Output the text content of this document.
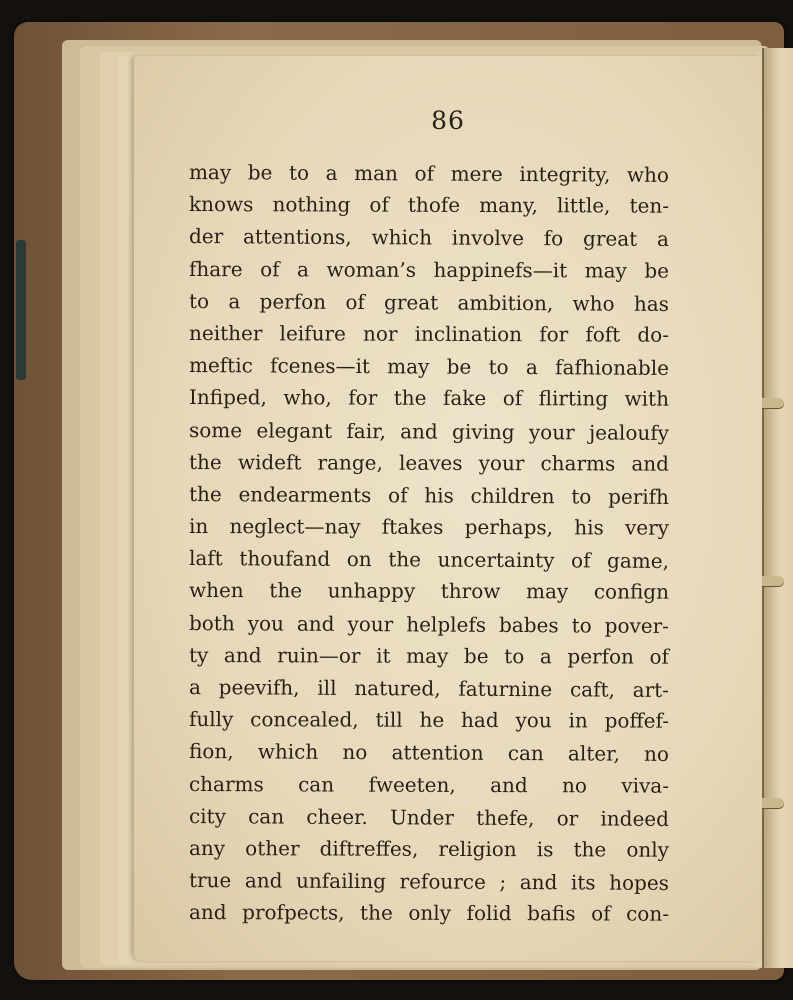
86
may be to a man of mere integrity, who
knows nothing of thofe many, little, ten-
der attentions, which involve fo great a
fhare of a woman’s happinefs—it may be
to a perfon of great ambition, who has
neither leifure nor inclination for foft do-
meftic fcenes—it may be to a fafhionable
Infiped, who, for the fake of flirting with
some elegant fair, and giving your jealoufy
the wideft range, leaves your charms and
the endearments of his children to perifh
in neglect—nay ftakes perhaps, his very
laft thoufand on the uncertainty of game,
when the unhappy throw may confign
both you and your helplefs babes to pover-
ty and ruin—or it may be to a perfon of
a peevifh, ill natured, faturnine caft, art-
fully concealed, till he had you in poffef-
fion, which no attention can alter, no
charms can fweeten, and no viva-
city can cheer. Under thefe, or indeed
any other diftreffes, religion is the only
true and unfailing refource ; and its hopes
and profpects, the only folid bafis of con-
